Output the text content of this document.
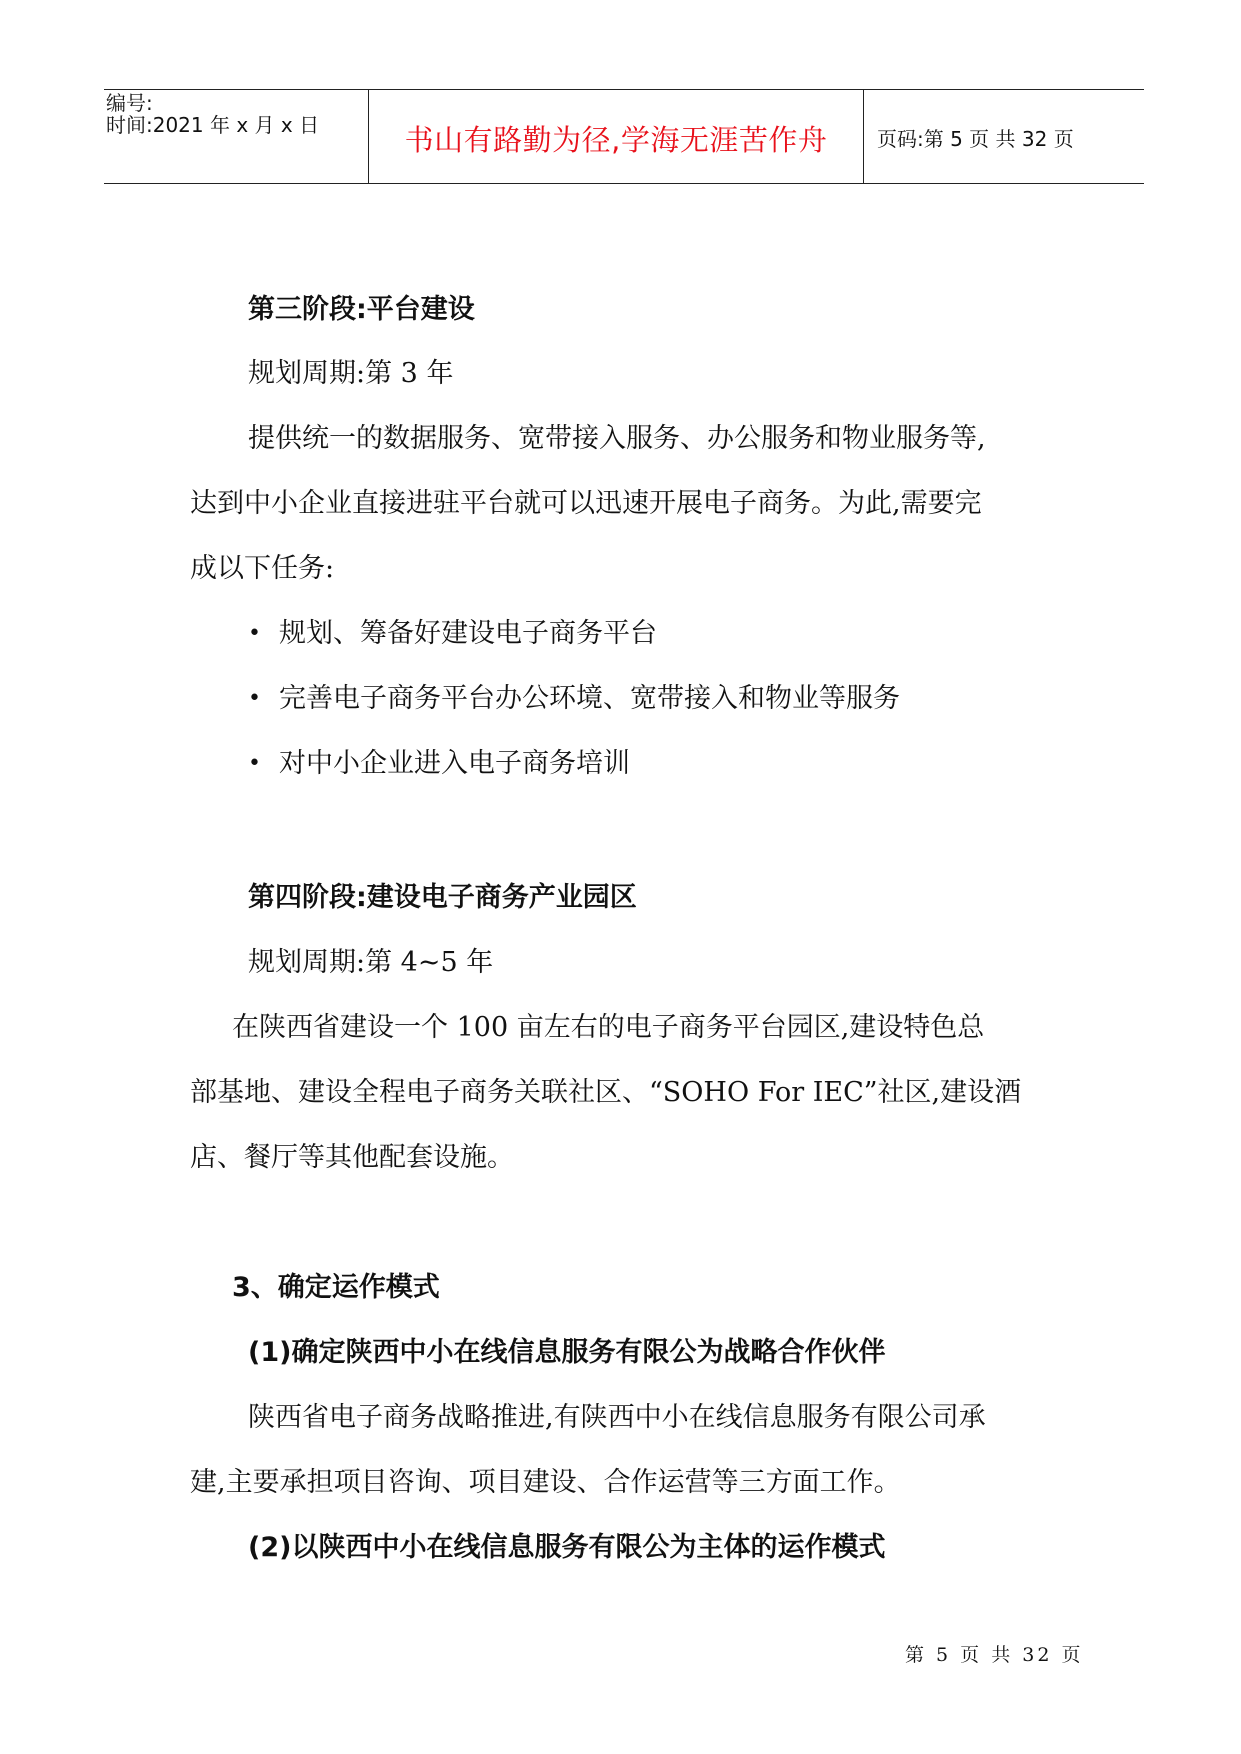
编号:
时间:2021 年 x 月 x 日	书山有路勤为径,学海无涯苦作舟	页码:第 5 页 共 32 页
第三阶段:平台建设
规划周期:第 3 年
提供统一的数据服务、宽带接入服务、办公服务和物业服务等,
达到中小企业直接进驻平台就可以迅速开展电子商务。为此,需要完
成以下任务:
• 规划、筹备好建设电子商务平台
• 完善电子商务平台办公环境、宽带接入和物业等服务
• 对中小企业进入电子商务培训
第四阶段:建设电子商务产业园区
规划周期:第 4~5 年
在陕西省建设一个 100 亩左右的电子商务平台园区,建设特色总
部基地、建设全程电子商务关联社区、“SOHO For IEC”社区,建设酒
店、餐厅等其他配套设施。
3、确定运作模式
(1)确定陕西中小在线信息服务有限公为战略合作伙伴
陕西省电子商务战略推进,有陕西中小在线信息服务有限公司承
建,主要承担项目咨询、项目建设、合作运营等三方面工作。
(2)以陕西中小在线信息服务有限公为主体的运作模式
第 5 页 共 32 页
